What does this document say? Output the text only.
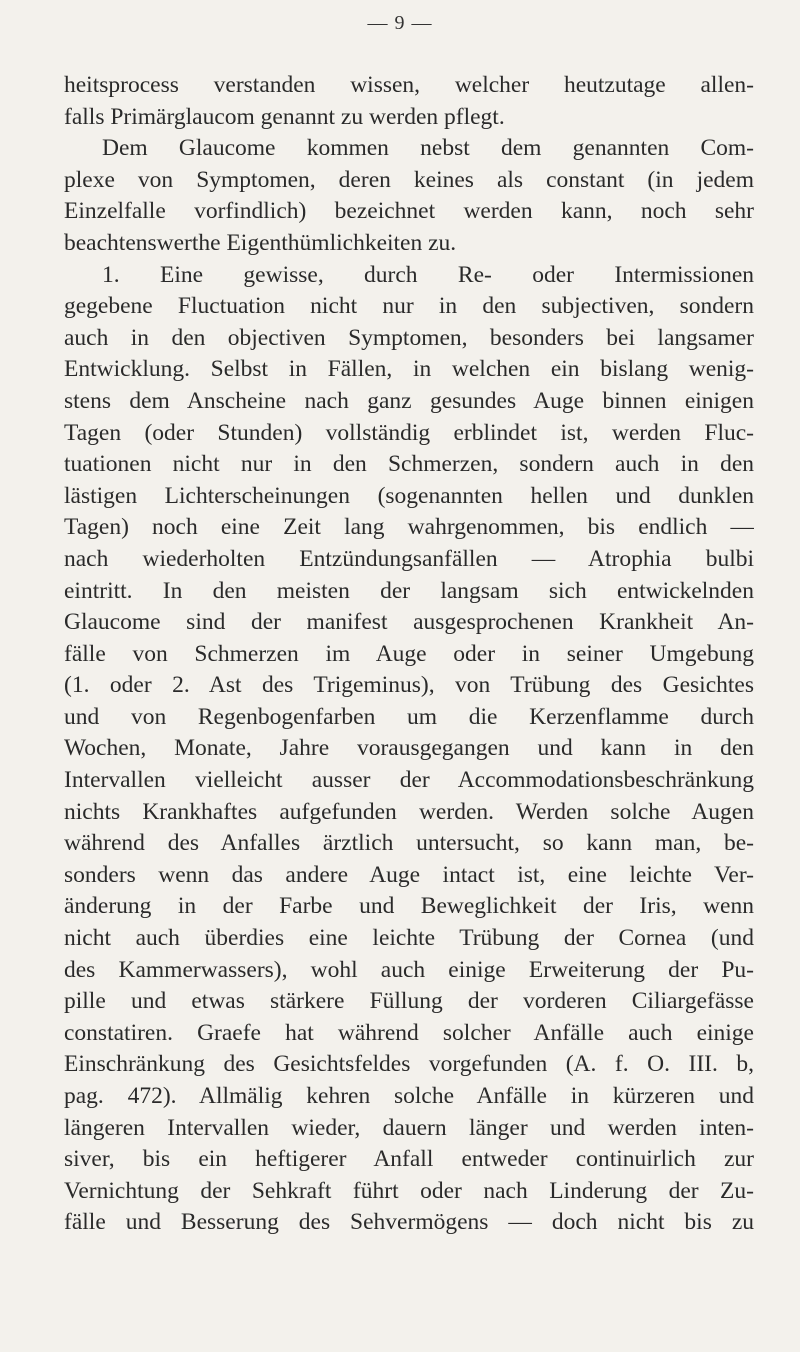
— 9 —
heitsprocess verstanden wissen, welcher heutzutage allen-
falls Primärglaucom genannt zu werden pflegt.
Dem Glaucome kommen nebst dem genannten Com-
plexe von Symptomen, deren keines als constant (in jedem
Einzelfalle vorfindlich) bezeichnet werden kann, noch sehr
beachtenswerthe Eigenthümlichkeiten zu.
1. Eine gewisse, durch Re- oder Intermissionen
gegebene Fluctuation nicht nur in den subjectiven, sondern
auch in den objectiven Symptomen, besonders bei langsamer
Entwicklung. Selbst in Fällen, in welchen ein bislang wenig-
stens dem Anscheine nach ganz gesundes Auge binnen einigen
Tagen (oder Stunden) vollständig erblindet ist, werden Fluc-
tuationen nicht nur in den Schmerzen, sondern auch in den
lästigen Lichterscheinungen (sogenannten hellen und dunklen
Tagen) noch eine Zeit lang wahrgenommen, bis endlich —
nach wiederholten Entzündungsanfällen — Atrophia bulbi
eintritt. In den meisten der langsam sich entwickelnden
Glaucome sind der manifest ausgesprochenen Krankheit An-
fälle von Schmerzen im Auge oder in seiner Umgebung
(1. oder 2. Ast des Trigeminus), von Trübung des Gesichtes
und von Regenbogenfarben um die Kerzenflamme durch
Wochen, Monate, Jahre vorausgegangen und kann in den
Intervallen vielleicht ausser der Accommodationsbeschränkung
nichts Krankhaftes aufgefunden werden. Werden solche Augen
während des Anfalles ärztlich untersucht, so kann man, be-
sonders wenn das andere Auge intact ist, eine leichte Ver-
änderung in der Farbe und Beweglichkeit der Iris, wenn
nicht auch überdies eine leichte Trübung der Cornea (und
des Kammerwassers), wohl auch einige Erweiterung der Pu-
pille und etwas stärkere Füllung der vorderen Ciliargefässe
constatiren. Graefe hat während solcher Anfälle auch einige
Einschränkung des Gesichtsfeldes vorgefunden (A. f. O. III. b,
pag. 472). Allmälig kehren solche Anfälle in kürzeren und
längeren Intervallen wieder, dauern länger und werden inten-
siver, bis ein heftigerer Anfall entweder continuirlich zur
Vernichtung der Sehkraft führt oder nach Linderung der Zu-
fälle und Besserung des Sehvermögens — doch nicht bis zu
